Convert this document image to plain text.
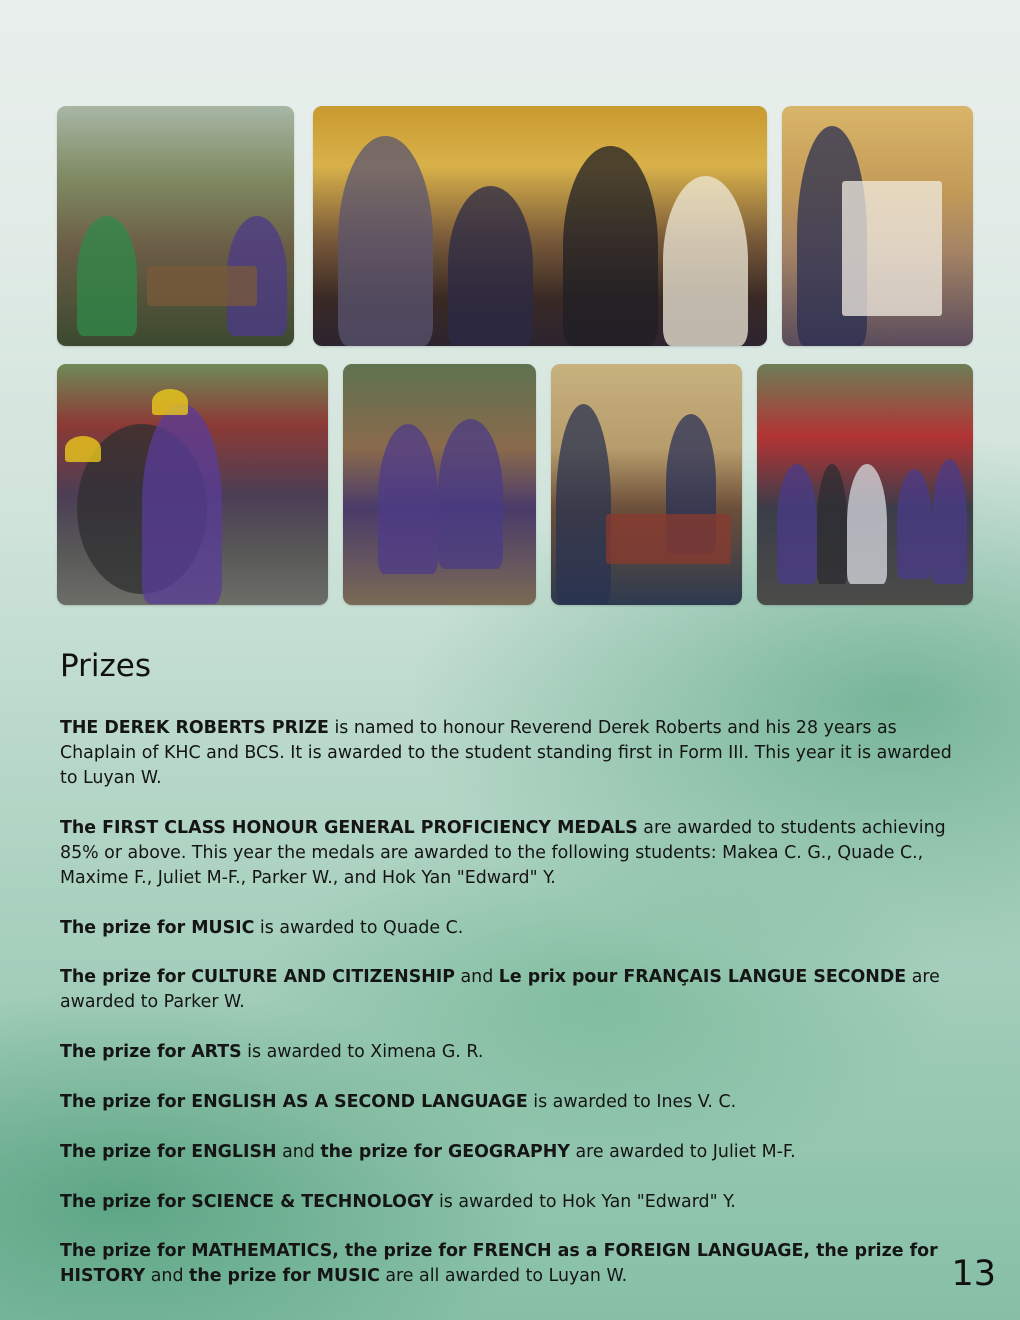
Prizes

THE DEREK ROBERTS PRIZE is named to honour Reverend Derek Roberts and his 28 years as Chaplain of KHC and BCS. It is awarded to the student standing first in Form III. This year it is awarded to Luyan W.

The FIRST CLASS HONOUR GENERAL PROFICIENCY MEDALS are awarded to students achieving 85% or above. This year the medals are awarded to the following students: Makea C. G., Quade C., Maxime F., Juliet M-F., Parker W., and Hok Yan "Edward" Y.

The prize for MUSIC is awarded to Quade C.

The prize for CULTURE AND CITIZENSHIP and Le prix pour FRANÇAIS LANGUE SECONDE are awarded to Parker W.

The prize for ARTS is awarded to Ximena G. R.

The prize for ENGLISH AS A SECOND LANGUAGE is awarded to Ines V. C.

The prize for ENGLISH and the prize for GEOGRAPHY are awarded to Juliet M-F.

The prize for SCIENCE & TECHNOLOGY is awarded to Hok Yan "Edward" Y.

The prize for MATHEMATICS, the prize for FRENCH as a FOREIGN LANGUAGE, the prize for HISTORY and the prize for MUSIC are all awarded to Luyan W.	13
